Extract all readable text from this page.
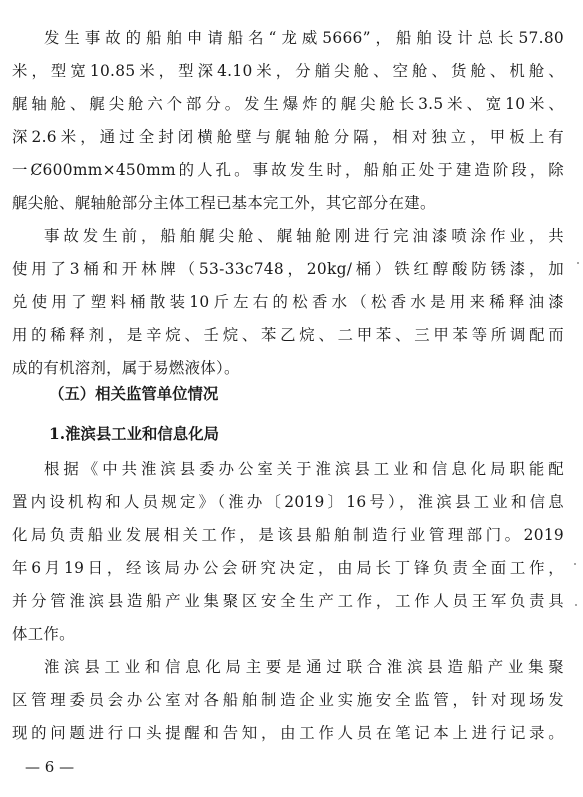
发生事故的船舶申请船名“龙威5666”，船舶设计总长57.80
米，型宽10.85米，型深4.10米，分艏尖舱、空舱、货舱、机舱、
艉轴舱、艉尖舱六个部分。发生爆炸的艉尖舱长3.5米、宽10米、
深2.6米，通过全封闭横舱壁与艉轴舱分隔，相对独立，甲板上有
一Ȼ600mm×450mm的人孔。事故发生时，船舶正处于建造阶段，除
艉尖舱、艉轴舱部分主体工程已基本完工外，其它部分在建。
事故发生前，船舶艉尖舱、艉轴舱刚进行完油漆喷涂作业，共
使用了3桶和开林牌（53-33c748，20kg/桶）铁红醇酸防锈漆，加
兑使用了塑料桶散装10斤左右的松香水（松香水是用来稀释油漆
用的稀释剂，是辛烷、壬烷、苯乙烷、二甲苯、三甲苯等所调配而
成的有机溶剂，属于易燃液体）。
根据《中共淮滨县委办公室关于淮滨县工业和信息化局职能配
置内设机构和人员规定》（淮办〔2019〕16号），淮滨县工业和信息
化局负责船业发展相关工作，是该县船舶制造行业管理部门。2019
年6月19日，经该局办公会研究决定，由局长丁锋负责全面工作，
并分管淮滨县造船产业集聚区安全生产工作，工作人员王军负责具
体工作。
淮滨县工业和信息化局主要是通过联合淮滨县造船产业集聚
区管理委员会办公室对各船舶制造企业实施安全监管，针对现场发
现的问题进行口头提醒和告知，由工作人员在笔记本上进行记录。
（五）相关监管单位情况
1.淮滨县工业和信息化局
— 6 —
